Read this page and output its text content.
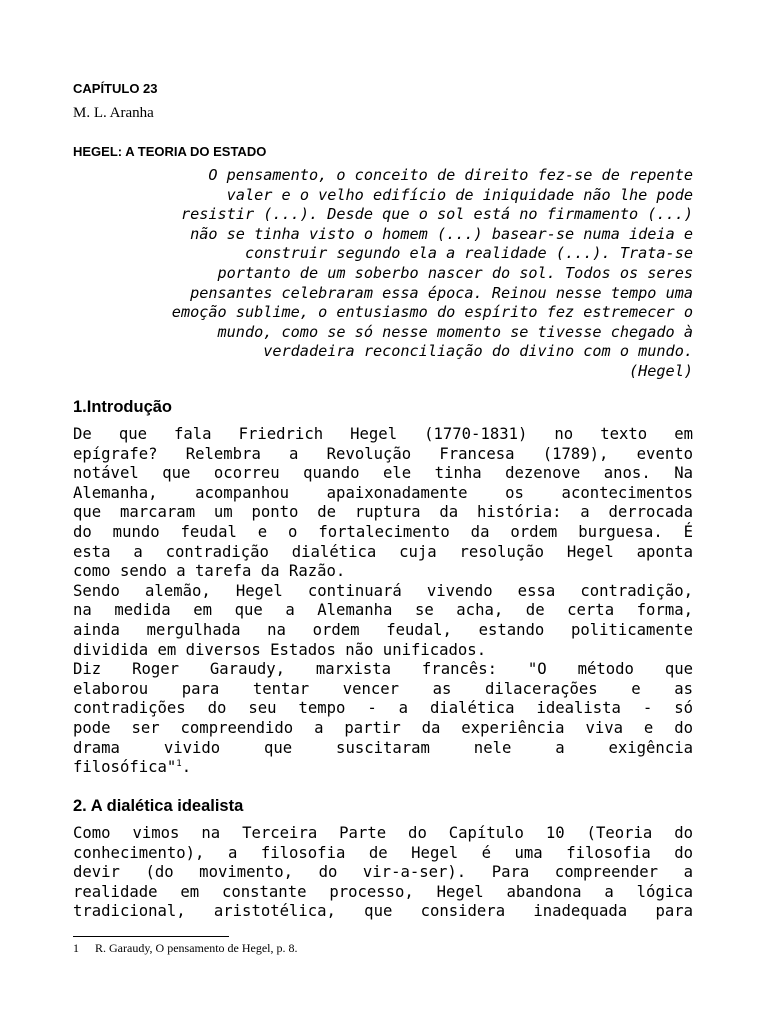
CAPÍTULO 23
M. L. Aranha
HEGEL: A TEORIA DO ESTADO
O pensamento, o conceito de direito fez-se de repente
valer e o velho edifício de iniquidade não lhe pode
resistir (...). Desde que o sol está no firmamento (...)
não se tinha visto o homem (...) basear-se numa ideia e
construir segundo ela a realidade (...). Trata-se
portanto de um soberbo nascer do sol. Todos os seres
pensantes celebraram essa época. Reinou nesse tempo uma
emoção sublime, o entusiasmo do espírito fez estremecer o
mundo, como se só nesse momento se tivesse chegado à
verdadeira reconciliação do divino com o mundo.
(Hegel)
1.Introdução
De que fala Friedrich Hegel (1770-1831) no texto em
epígrafe? Relembra a Revolução Francesa (1789), evento
notável que ocorreu quando ele tinha dezenove anos. Na
Alemanha, acompanhou apaixonadamente os acontecimentos
que marcaram um ponto de ruptura da história: a derrocada
do mundo feudal e o fortalecimento da ordem burguesa. É
esta a contradição dialética cuja resolução Hegel aponta
como sendo a tarefa da Razão.
Sendo alemão, Hegel continuará vivendo essa contradição,
na medida em que a Alemanha se acha, de certa forma,
ainda mergulhada na ordem feudal, estando politicamente
dividida em diversos Estados não unificados.
Diz Roger Garaudy, marxista francês: "O método que
elaborou para tentar vencer as dilacerações e as
contradições do seu tempo - a dialética idealista - só
pode ser compreendido a partir da experiência viva e do
drama vivido que suscitaram nele a exigência
filosófica"$^1$.
2. A dialética idealista
Como vimos na Terceira Parte do Capítulo 10 (Teoria do
conhecimento), a filosofia de Hegel é uma filosofia do
devir (do movimento, do vir-a-ser). Para compreender a
realidade em constante processo, Hegel abandona a lógica
tradicional, aristotélica, que considera inadequada para
1 R. Garaudy, O pensamento de Hegel, p. 8.
